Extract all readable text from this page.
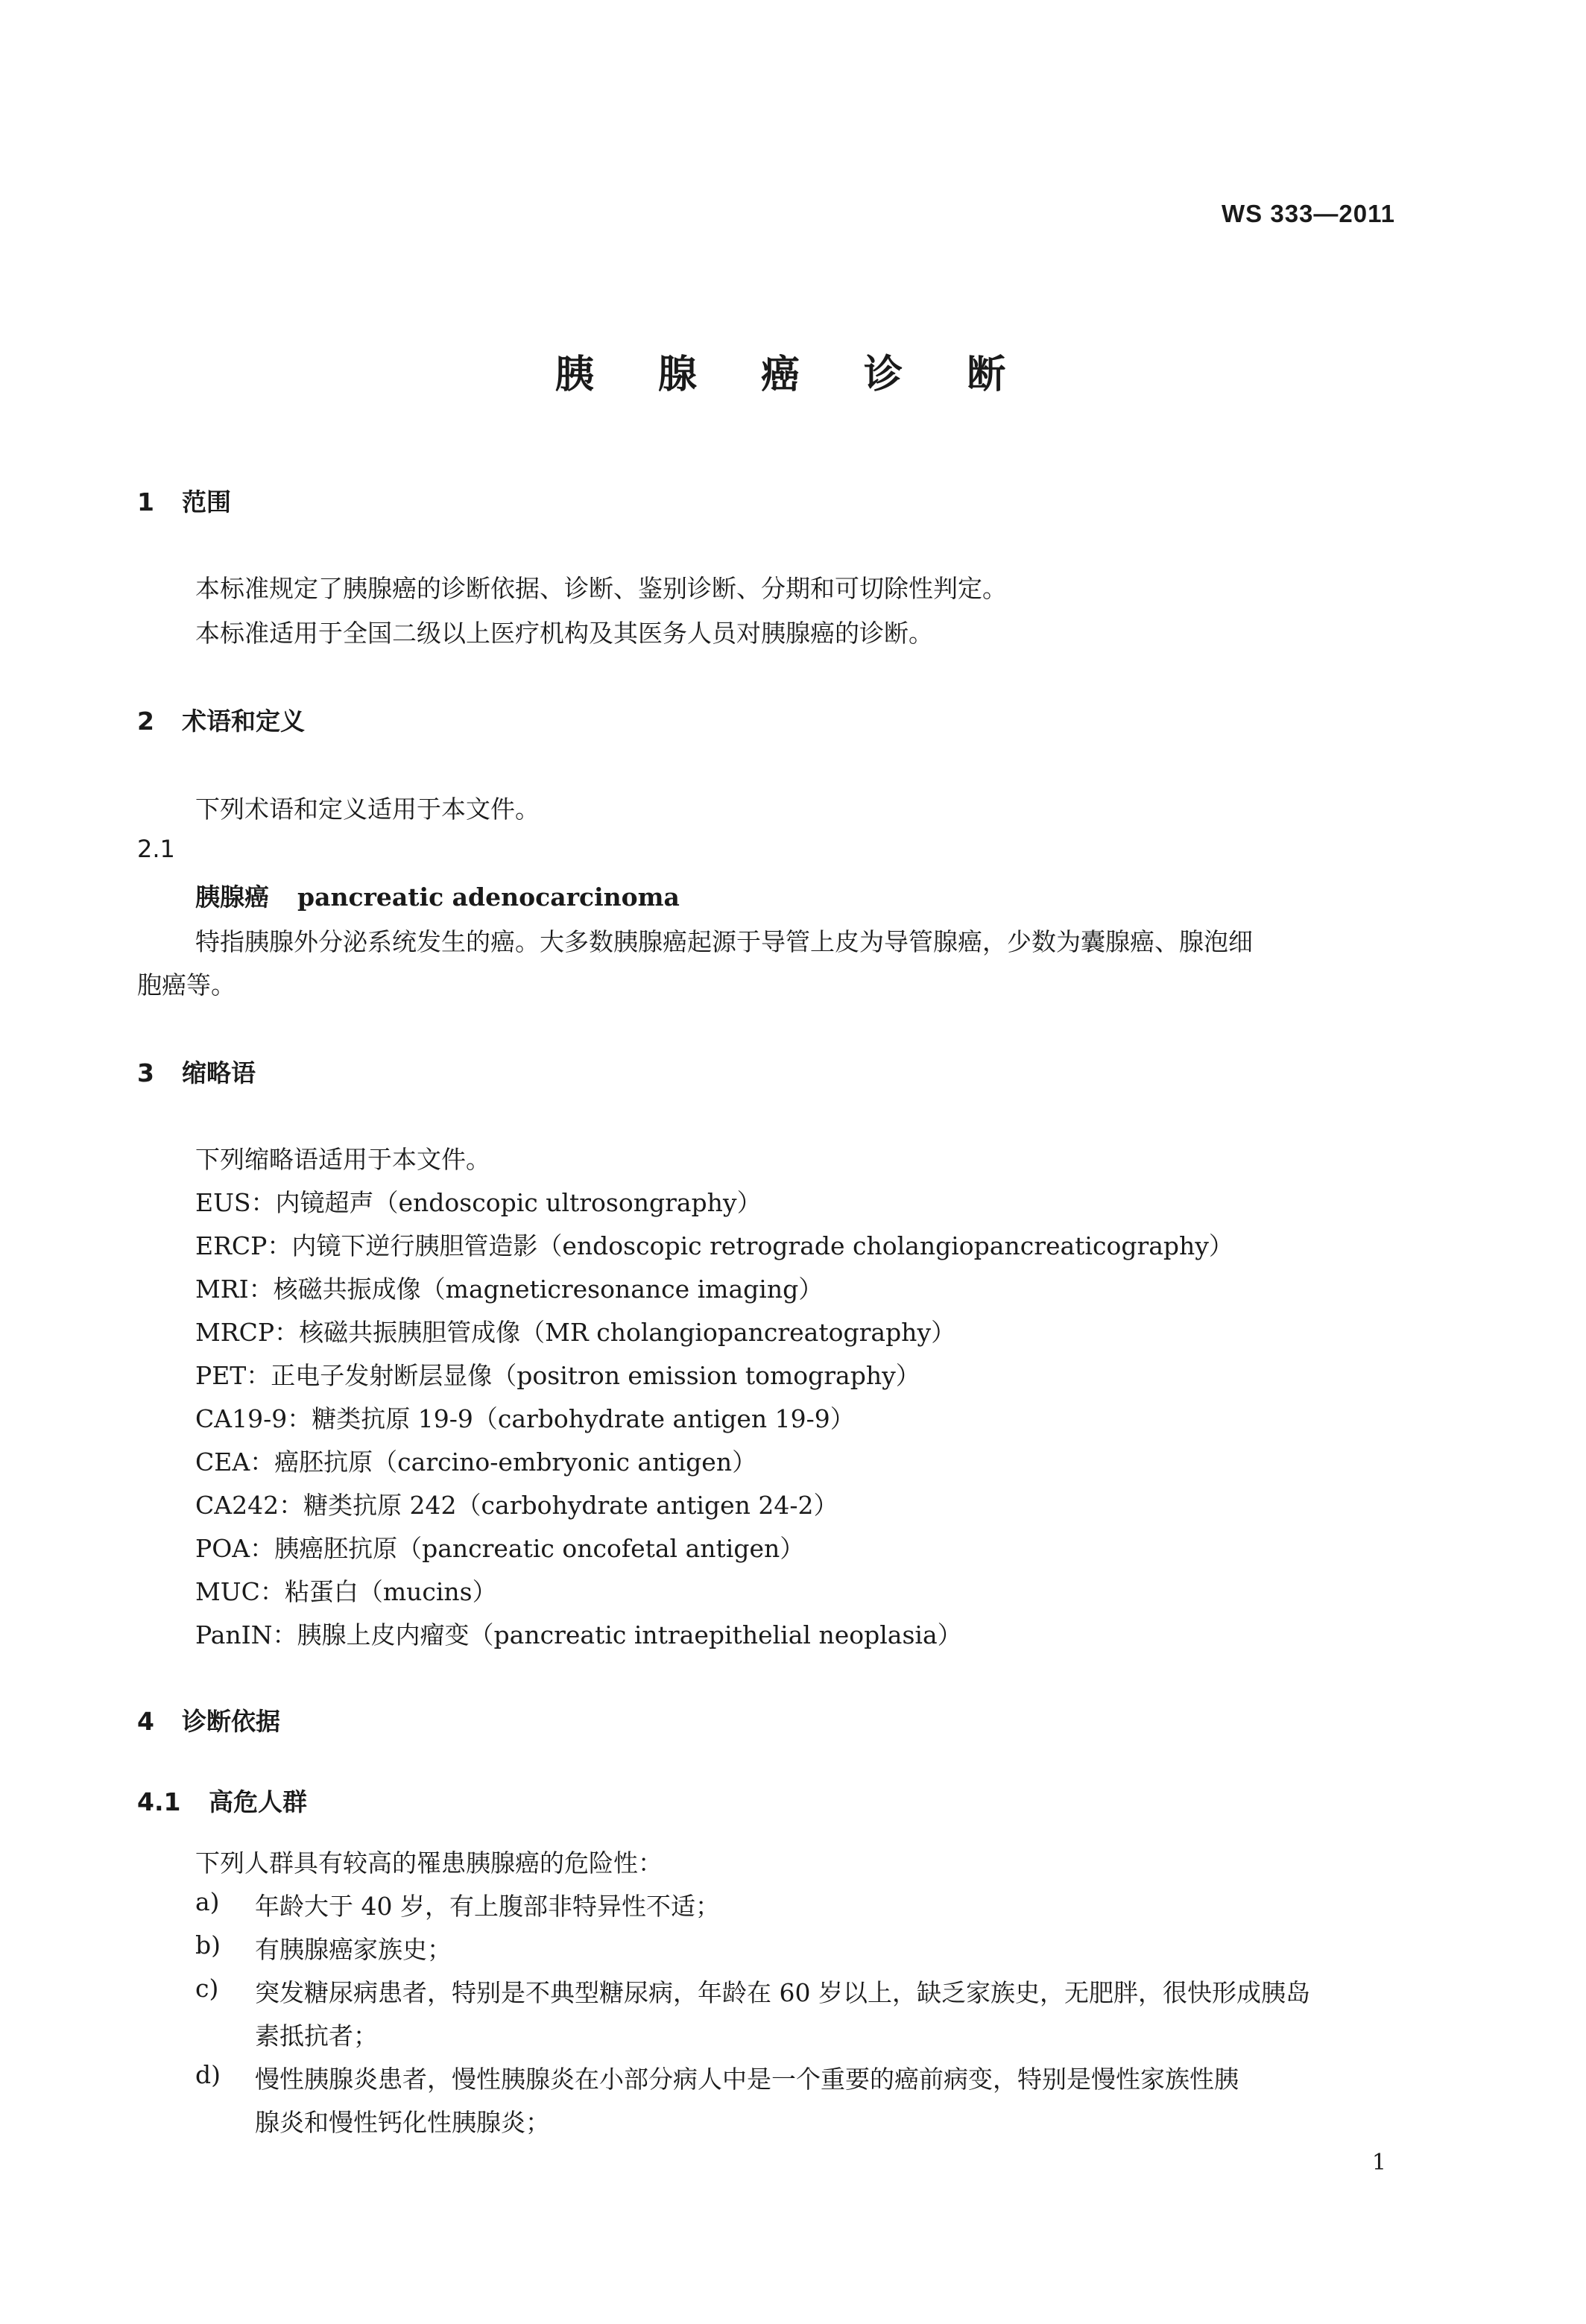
WS 333—2011
胰 腺 癌 诊 断
1 范围
本标准规定了胰腺癌的诊断依据、诊断、鉴别诊断、分期和可切除性判定。
本标准适用于全国二级以上医疗机构及其医务人员对胰腺癌的诊断。
2 术语和定义
下列术语和定义适用于本文件。
2.1
胰腺癌 pancreatic adenocarcinoma
特指胰腺外分泌系统发生的癌。大多数胰腺癌起源于导管上皮为导管腺癌，少数为囊腺癌、腺泡细
胞癌等。
3 缩略语
下列缩略语适用于本文件。
EUS：内镜超声（endoscopic ultrosongraphy）
ERCP：内镜下逆行胰胆管造影（endoscopic retrograde cholangiopancreaticography）
MRI：核磁共振成像（magneticresonance imaging）
MRCP：核磁共振胰胆管成像（MR cholangiopancreatography）
PET：正电子发射断层显像（positron emission tomography）
CA19-9：糖类抗原 19-9（carbohydrate antigen 19-9）
CEA：癌胚抗原（carcino-embryonic antigen）
CA242：糖类抗原 242（carbohydrate antigen 24-2）
POA：胰癌胚抗原（pancreatic oncofetal antigen）
MUC：粘蛋白（mucins）
PanIN：胰腺上皮内瘤变（pancreatic intraepithelial neoplasia）
4 诊断依据
4.1 高危人群
下列人群具有较高的罹患胰腺癌的危险性：
a) 年龄大于 40 岁，有上腹部非特异性不适；
b) 有胰腺癌家族史；
c) 突发糖尿病患者，特别是不典型糖尿病，年龄在 60 岁以上，缺乏家族史，无肥胖，很快形成胰岛
素抵抗者；
d) 慢性胰腺炎患者，慢性胰腺炎在小部分病人中是一个重要的癌前病变，特别是慢性家族性胰
腺炎和慢性钙化性胰腺炎；
1
